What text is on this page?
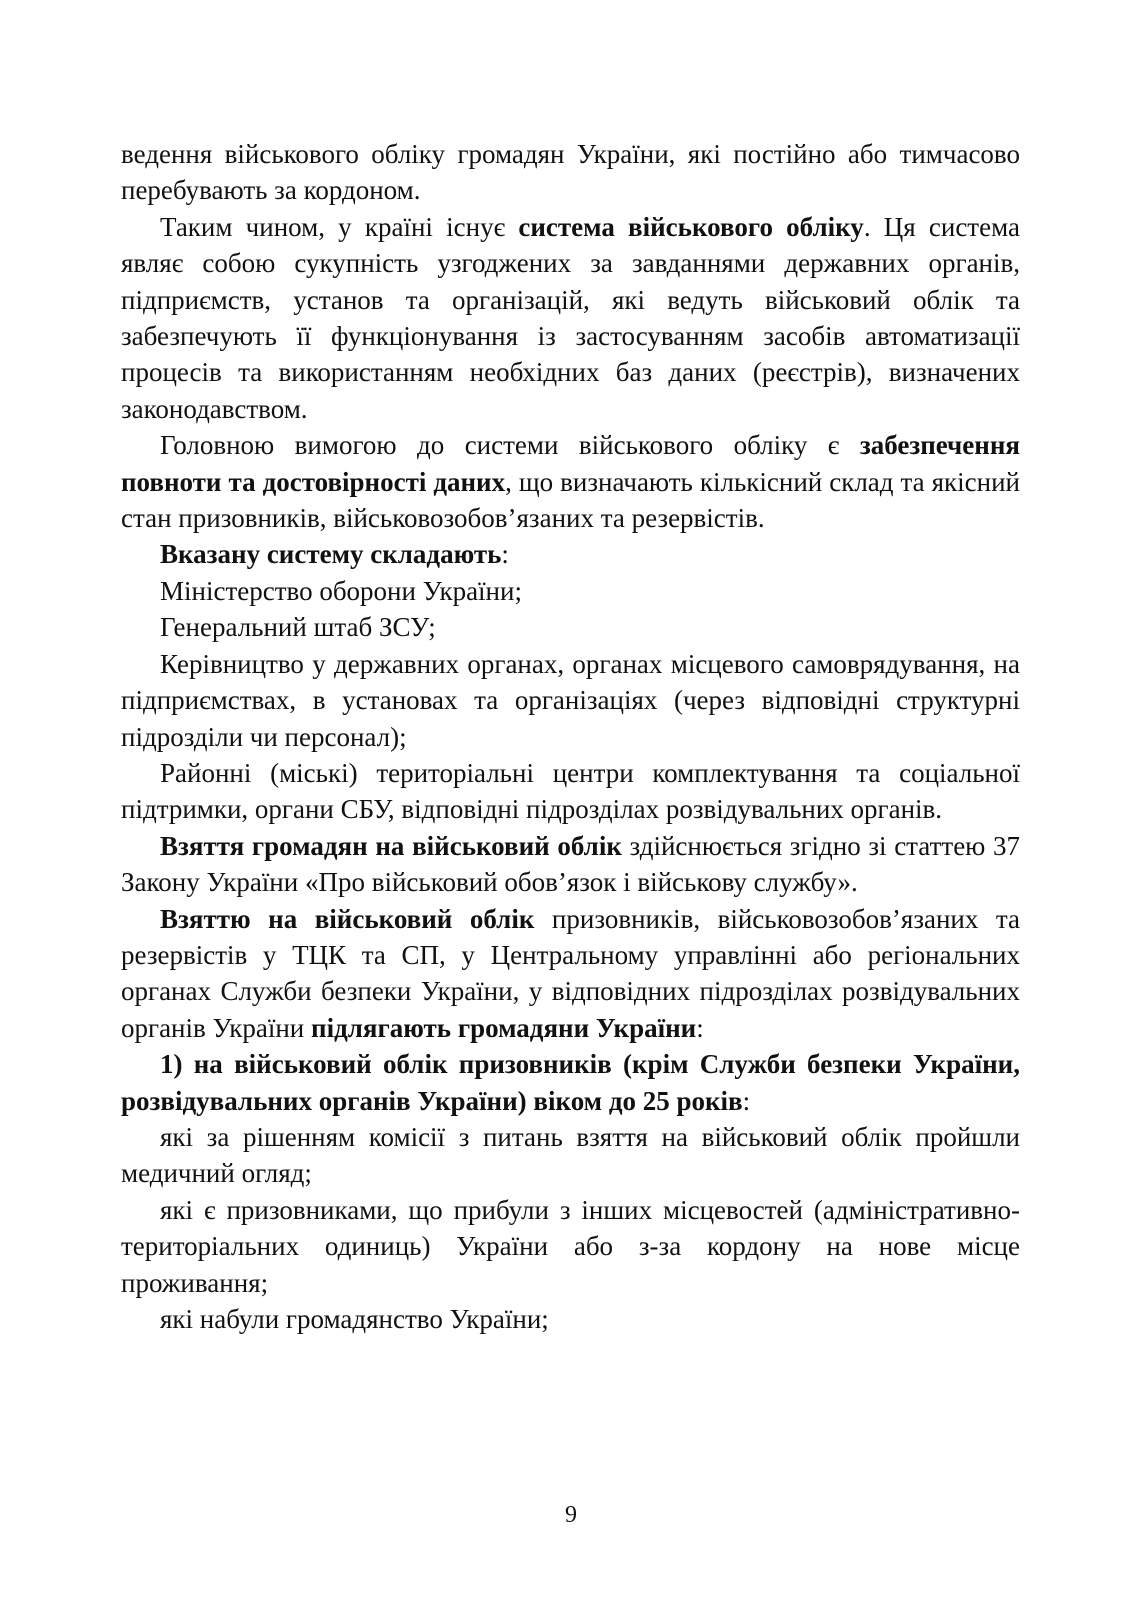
ведення військового обліку громадян України, які постійно або тимчасово перебувають за кордоном.

Таким чином, у країні існує система військового обліку. Ця система являє собою сукупність узгоджених за завданнями державних органів, підприємств, установ та організацій, які ведуть військовий облік та забезпечують її функціонування із застосуванням засобів автоматизації процесів та використанням необхідних баз даних (реєстрів), визначених законодавством.

Головною вимогою до системи військового обліку є забезпечення повноти та достовірності даних, що визначають кількісний склад та якісний стан призовників, військовозобов’язаних та резервістів.

Вказану систему складають:

Міністерство оборони України;

Генеральний штаб ЗСУ;

Керівництво у державних органах, органах місцевого самоврядування, на підприємствах, в установах та організаціях (через відповідні структурні підрозділи чи персонал);

Районні (міські) територіальні центри комплектування та соціальної підтримки, органи СБУ, відповідні підрозділах розвідувальних органів.

Взяття громадян на військовий облік здійснюється згідно зі статтею 37 Закону України «Про військовий обов’язок і військову службу».

Взяттю на військовий облік призовників, військовозобов’язаних та резервістів у ТЦК та СП, у Центральному управлінні або регіональних органах Служби безпеки України, у відповідних підрозділах розвідувальних органів України підлягають громадяни України:

1) на військовий облік призовників (крім Служби безпеки України, розвідувальних органів України) віком до 25 років:

які за рішенням комісії з питань взяття на військовий облік пройшли медичний огляд;

які є призовниками, що прибули з інших місцевостей (адміністративно-територіальних одиниць) України або з-за кордону на нове місце проживання;

які набули громадянство України;

9
